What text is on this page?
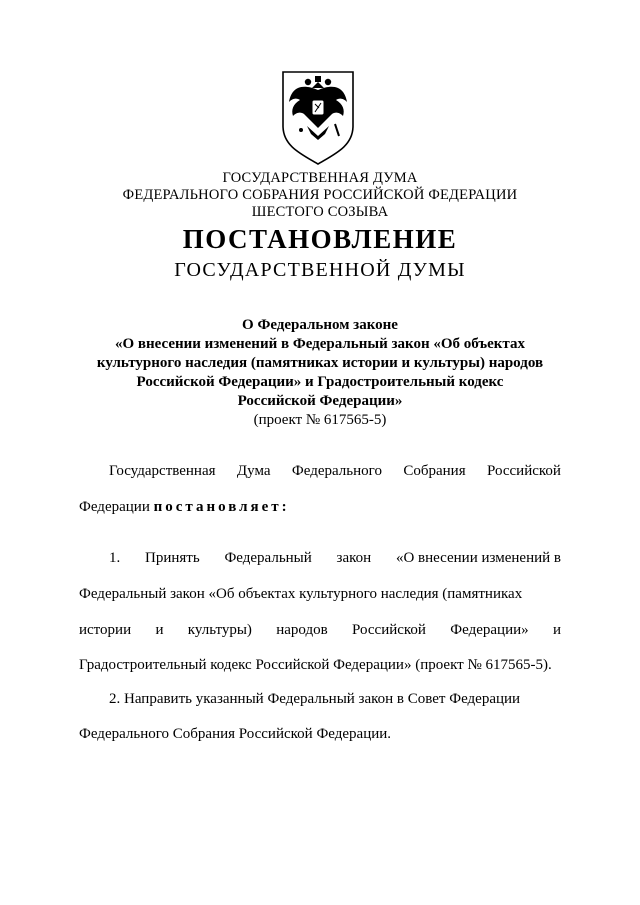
ГОСУДАРСТВЕННАЯ ДУМА
ФЕДЕРАЛЬНОГО СОБРАНИЯ РОССИЙСКОЙ ФЕДЕРАЦИИ
ШЕСТОГО СОЗЫВА
ПОСТАНОВЛЕНИЕ
ГОСУДАРСТВЕННОЙ ДУМЫ
О Федеральном законе
«О внесении изменений в Федеральный закон «Об объектах
культурного наследия (памятниках истории и культуры) народов
Российской Федерации» и Градостроительный кодекс
Российской Федерации»
(проект № 617565-5)
Государственная Дума Федерального Собрания Российской
Федерации постановляет:
1. Принять Федеральный закон «О внесении изменений в
Федеральный закон «Об объектах культурного наследия (памятниках
истории и культуры) народов Российской Федерации» и
Градостроительный кодекс Российской Федерации» (проект № 617565-5).
2. Направить указанный Федеральный закон в Совет Федерации
Федерального Собрания Российской Федерации.
